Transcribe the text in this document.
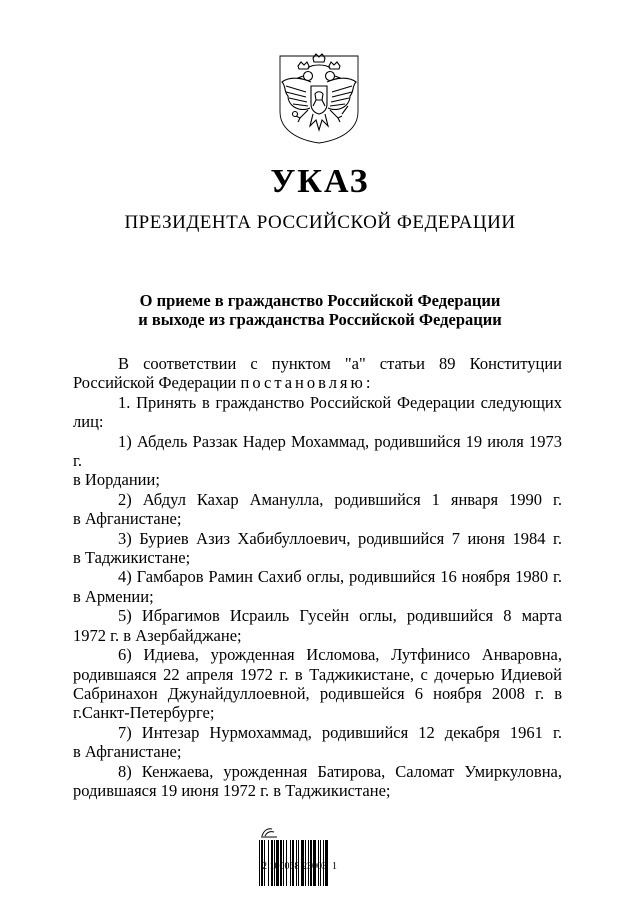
УКАЗ
ПРЕЗИДЕНТА РОССИЙСКОЙ ФЕДЕРАЦИИ
О приеме в гражданство Российской Федерации
и выходе из гражданства Российской Федерации
В соответствии с пунктом "а" статьи 89 Конституции
Российской Федерации постановляю:
1. Принять в гражданство Российской Федерации следующих
лиц:
1) Абдель Раззак Надер Мохаммад, родившийся 19 июля 1973 г.
в Иордании;
2) Абдул Кахар Аманулла, родившийся 1 января 1990 г.
в Афганистане;
3) Буриев Азиз Хабибуллоевич, родившийся 7 июня 1984 г.
в Таджикистане;
4) Гамбаров Рамин Сахиб оглы, родившийся 16 ноября 1980 г.
в Армении;
5) Ибрагимов Исраиль Гусейн оглы, родившийся 8 марта
1972 г. в Азербайджане;
6) Идиева, урожденная Исломова, Лутфинисо Анваровна,
родившаяся 22 апреля 1972 г. в Таджикистане, с дочерью Идиевой Сабринахон Джунайдуллоевной, родившейся 6 ноября 2008 г. в г.Санкт-Петербурге;
7) Интезар Нурмохаммад, родившийся 12 декабря 1961 г.
в Афганистане;
8) Кенжаева, урожденная Батирова, Саломат Умиркуловна,
родившаяся 19 июня 1972 г. в Таджикистане;
2 100068 23003  1
